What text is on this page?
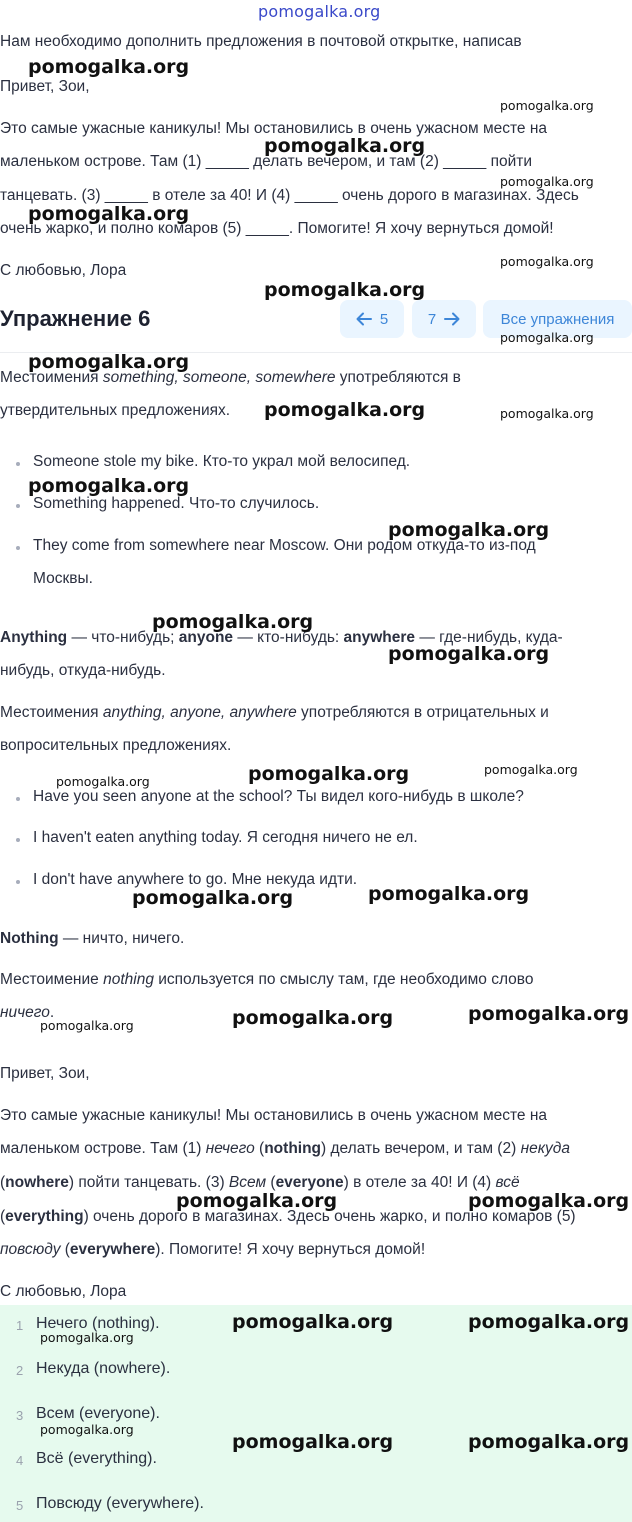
pomogalka.org
Нам необходимо дополнить предложения в почтовой открытке, написав
Привет, Зои,
Это самые ужасные каникулы! Мы остановились в очень ужасном месте на
маленьком острове. Там (1) _____ делать вечером, и там (2) _____ пойти
танцевать. (3) _____ в отеле за 40! И (4) _____ очень дорого в магазинах. Здесь
очень жарко, и полно комаров (5) _____. Помогите! Я хочу вернуться домой!
С любовью, Лора
Упражнение 6	5	7	Все упражнения
Местоимения something, someone, somewhere употребляются в
утвердительных предложениях.
Someone stole my bike. Кто-то украл мой велосипед.
Something happened. Что-то случилось.
They come from somewhere near Moscow. Они родом откуда-то из-под
Москвы.
Anything — что-нибудь; anyone — кто-нибудь: anywhere — где-нибудь, куда-
нибудь, откуда-нибудь.
Местоимения anything, anyone, anywhere употребляются в отрицательных и
вопросительных предложениях.
Have you seen anyone at the school? Ты видел кого-нибудь в школе?
I haven't eaten anything today. Я сегодня ничего не ел.
I don't have anywhere to go. Мне некуда идти.
Nothing — ничто, ничего.
Местоимение nothing используется по смыслу там, где необходимо слово
ничего.
Привет, Зои,
Это самые ужасные каникулы! Мы остановились в очень ужасном месте на
маленьком острове. Там (1) нечего (nothing) делать вечером, и там (2) некуда
(nowhere) пойти танцевать. (3) Всем (everyone) в отеле за 40! И (4) всё
(everything) очень дорого в магазинах. Здесь очень жарко, и полно комаров (5)
повсюду (everywhere). Помогите! Я хочу вернуться домой!
С любовью, Лора
1 Нечего (nothing).
2 Некуда (nowhere).
3 Всем (everyone).
4 Всё (everything).
5 Повсюду (everywhere).
pomogalka.org
pomogalka.org
pomogalka.org
pomogalka.org
pomogalka.org
pomogalka.org
pomogalka.org
pomogalka.org
pomogalka.org
pomogalka.org	pomogalka.org
pomogalka.org
pomogalka.org
pomogalka.org
pomogalka.org
pomogalka.org	pomogalka.org
pomogalka.org
pomogalka.org
pomogalka.org
pomogalka.org
pomogalka.org
pomogalka.org
pomogalka.org	pomogalka.org
pomogalka.org	pomogalka.org
pomogalka.org
pomogalka.org
pomogalka.org	pomogalka.org
